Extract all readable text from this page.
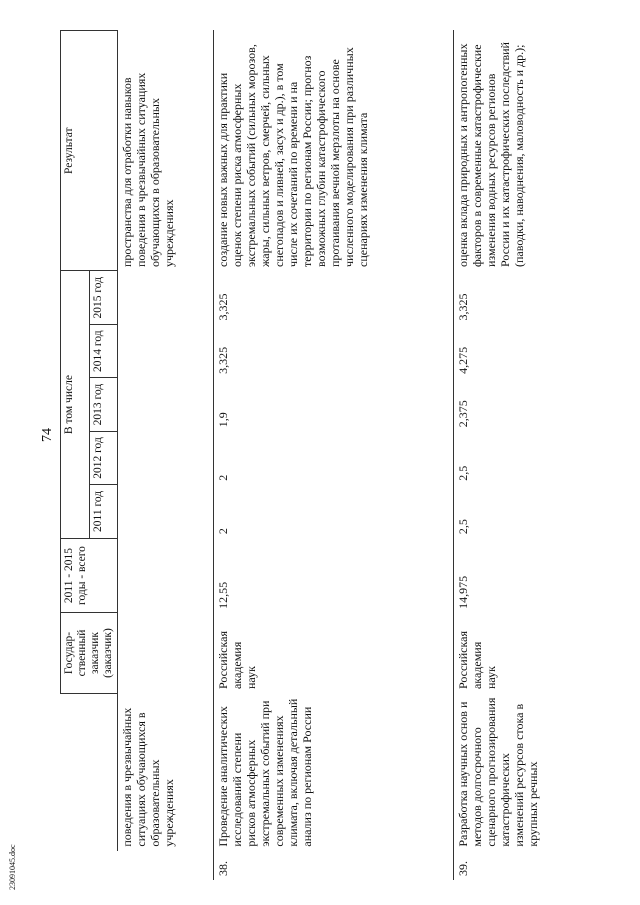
74
23091045.doc
		Государ-ственный заказчик (заказчик)	2011 - 2015 годы - всего	В том числе					Результат
				2011 год	2012 год	2013 год	2014 год	2015 год	
	поведения в чрезвычайных ситуациях обучающихся в образовательных учреждениях								пространства для отработки навыков поведения в чрезвычайных ситуациях обучающихся в образовательных учреждениях
38.	Проведение аналитических исследований степени рисков атмосферных экстремальных событий при современных изменениях климата, включая детальный анализ по регионам России	Российская академия наук	12,55	2	2	1,9	3,325	3,325	создание новых важных для практики оценок степени риска атмосферных экстремальных событий (сильных морозов, жары, сильных ветров, смерчей, сильных снегопадов и ливней, засух и др.), в том числе их сочетаний по времени и на территории по регионам России; прогноз возможных глубин катастрофического протаивания вечной мерзлоты на основе численного моделирования при различных сценариях изменения климата
39.	Разработка научных основ и методов долгосрочного сценарного прогнозирования катастрофических изменений ресурсов стока в крупных речных	Российская академия наук	14,975	2,5	2,5	2,375	4,275	3,325	оценка вклада природных и антропогенных факторов в современные катастрофические изменения водных ресурсов регионов России и их катастрофических последствий (паводки, наводнения, маловодность и др.);
